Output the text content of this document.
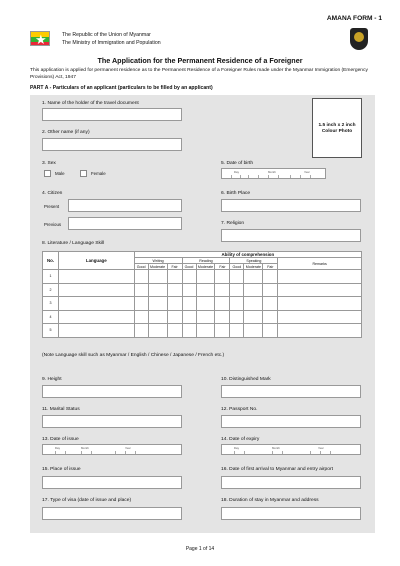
AMANA FORM - 1
★	The Republic of the Union of Myanmar
The Ministry of Immigration and Population
The Application for the Permanent Residence of a Foreigner
This application is applied for permanent residence as to the Permanent Residence of a Foreigner Rules made under the Myanmar Immigration (Emergency Provisions) Act, 1947
PART A - Particulars of an applicant (particulars to be filled by an applicant)
1.5 inch x 2 inch
Colour Photo
1. Name of the holder of the travel document
2. Other name (if any)
3. Sex
Male	Female
5. Date of birth
Day	Month	Year
4. Citizen
Present
Previous
6. Birth Place
7. Religion
8. Literature / Language Skill
No.	Language	Ability of comprehension									
		Writing			Reading			Speaking			Remarks
		Good	Moderate	Fair	Good	Moderate	Fair	Good	Moderate	Fair	
1											
2											
3											
4											
5											
(Note Language skill such as Myanmar / English / Chinese / Japanese / French etc.)
9. Height	10. Distinguished Mark
11. Marital Status	12. Passport No.
13. Date of issue
Day	Month	Year
14. Date of expiry
Day	Month	Year
15. Place of issue	16. Date of first arrival to Myanmar and entry airport
17. Type of visa (date of issue and place)	18. Duration of stay in Myanmar and address
Page 1 of 14
